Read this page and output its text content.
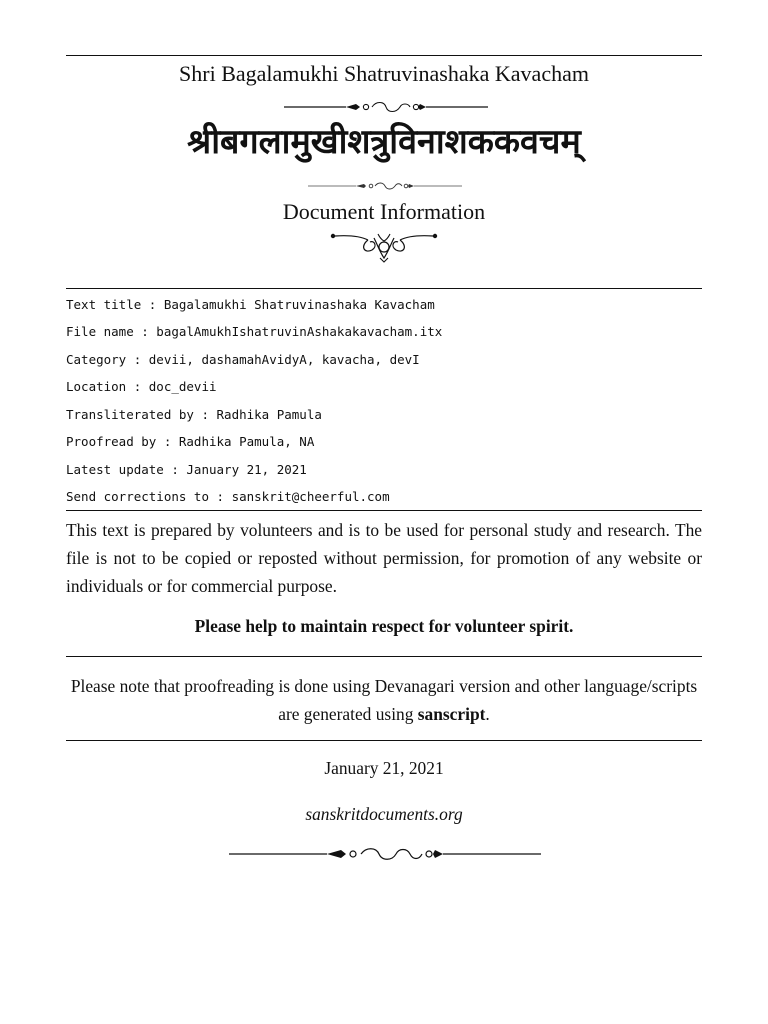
Shri Bagalamukhi Shatruvinashaka Kavacham
श्रीबगलामुखीशत्रुविनाशककवचम्
Document Information
Text title : Bagalamukhi Shatruvinashaka Kavacham
File name : bagalAmukhIshatruvinAshakakavacham.itx
Category : devii, dashamahAvidyA, kavacha, devI
Location : doc_devii
Transliterated by : Radhika Pamula
Proofread by : Radhika Pamula, NA
Latest update : January 21, 2021
Send corrections to : sanskrit@cheerful.com
This text is prepared by volunteers and is to be used for personal study and research. The file is not to be copied or reposted without permission, for promotion of any website or individuals or for commercial purpose.
Please help to maintain respect for volunteer spirit.
Please note that proofreading is done using Devanagari version and other language/scripts are generated using sanscript.
January 21, 2021
sanskritdocuments.org
